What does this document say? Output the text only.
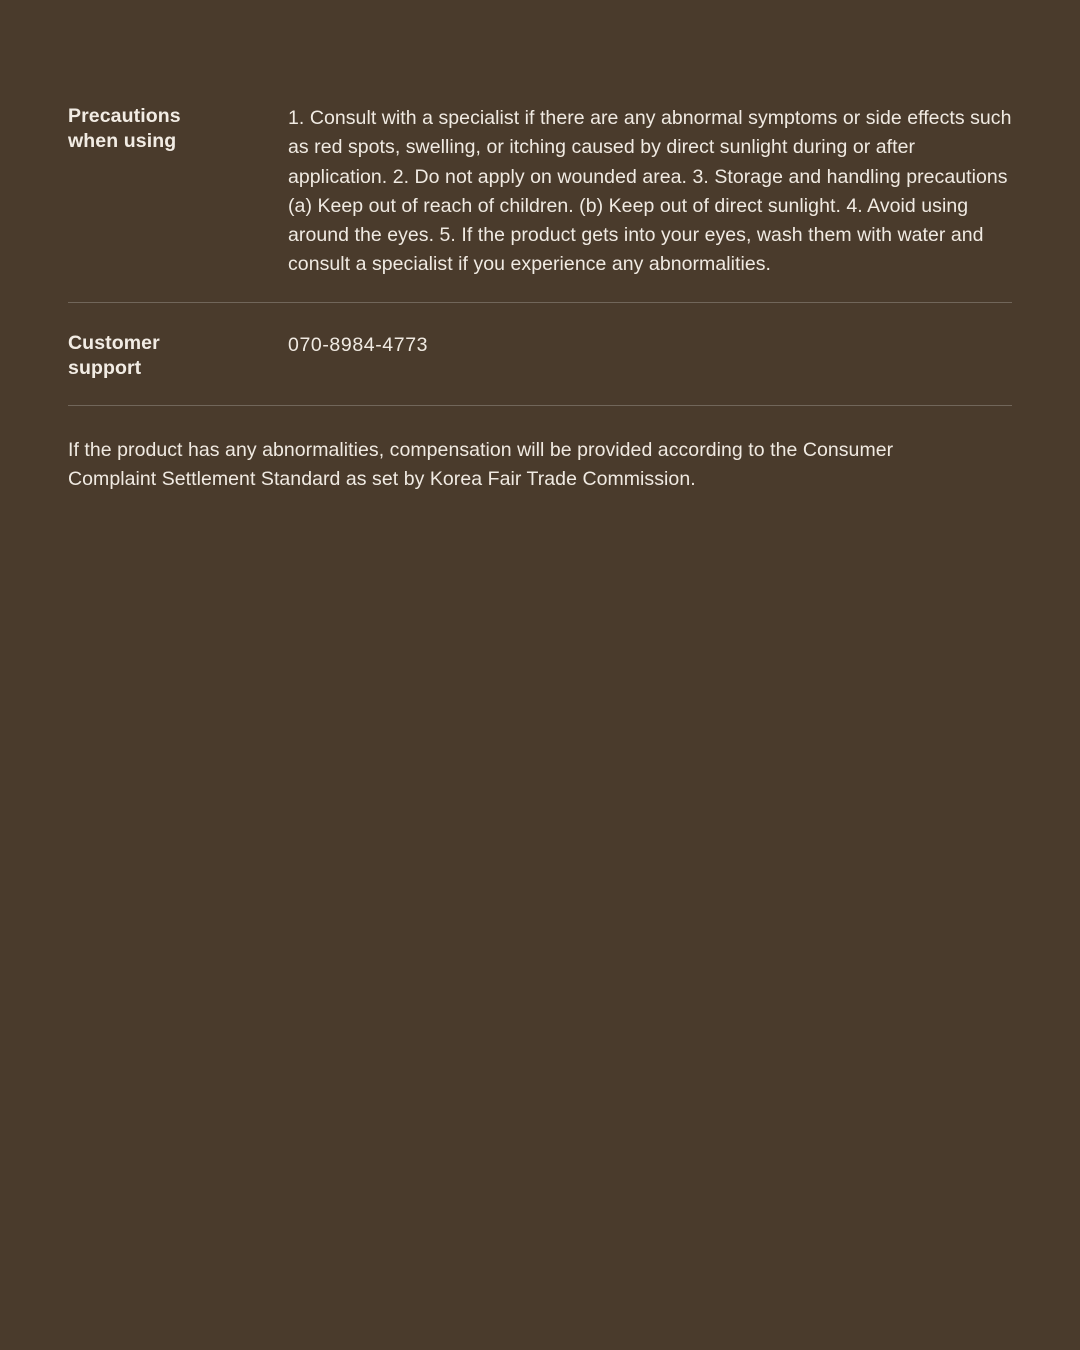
Precautions
when using
1. Consult with a specialist if there are any abnormal symptoms or side effects such as red spots, swelling, or itching caused by direct sunlight during or after application. 2. Do not apply on wounded area. 3. Storage and handling precautions (a) Keep out of reach of children. (b) Keep out of direct sunlight. 4. Avoid using around the eyes. 5. If the product gets into your eyes, wash them with water and consult a specialist if you experience any abnormalities.
Customer
support
070-8984-4773
If the product has any abnormalities, compensation will be provided according to the Consumer Complaint Settlement Standard as set by Korea Fair Trade Commission.
